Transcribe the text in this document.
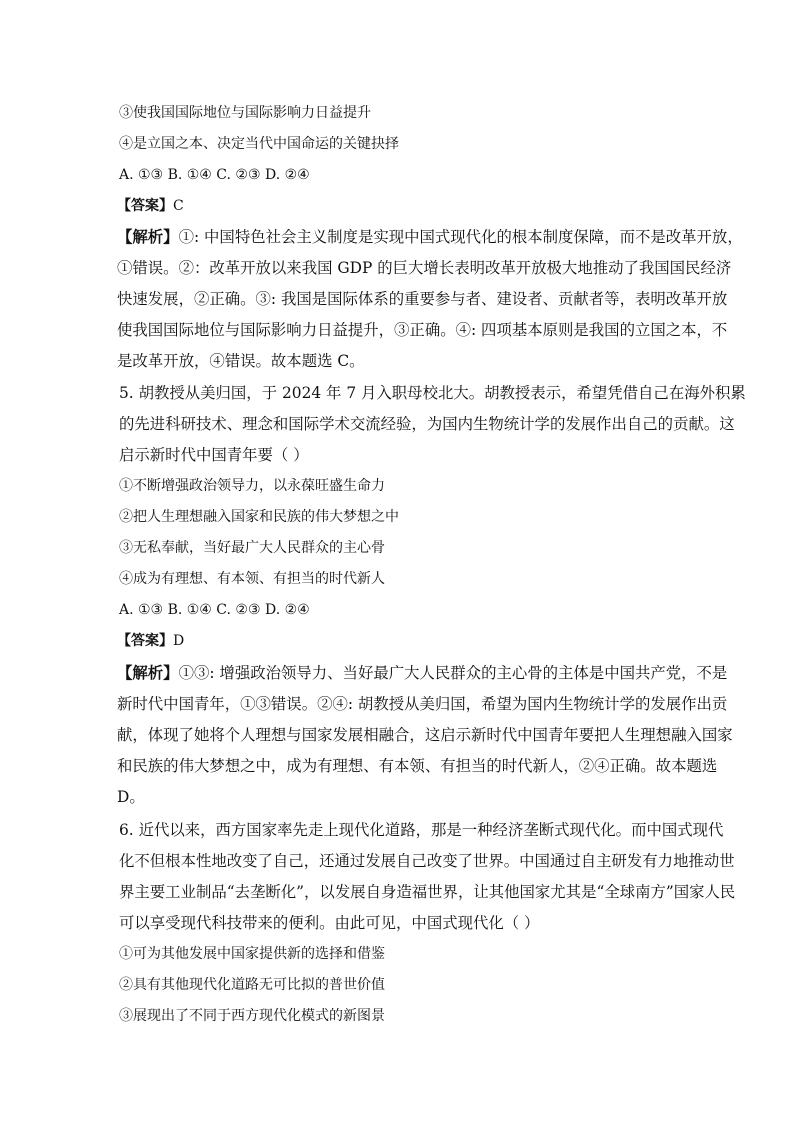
③使我国国际地位与国际影响力日益提升
④是立国之本、决定当代中国命运的关键抉择
A. ①③ B. ①④ C. ②③ D. ②④
【答案】C
【解析】①: 中国特色社会主义制度是实现中国式现代化的根本制度保障，而不是改革开放，
①错误。②：改革开放以来我国 GDP 的巨大增长表明改革开放极大地推动了我国国民经济
快速发展，②正确。③: 我国是国际体系的重要参与者、建设者、贡献者等，表明改革开放
使我国国际地位与国际影响力日益提升，③正确。④: 四项基本原则是我国的立国之本，不
是改革开放，④错误。故本题选 C。
5. 胡教授从美归国，于 2024 年 7 月入职母校北大。胡教授表示，希望凭借自己在海外积累
的先进科研技术、理念和国际学术交流经验，为国内生物统计学的发展作出自己的贡献。这
启示新时代中国青年要（ ）
①不断增强政治领导力，以永葆旺盛生命力
②把人生理想融入国家和民族的伟大梦想之中
③无私奉献，当好最广大人民群众的主心骨
④成为有理想、有本领、有担当的时代新人
A. ①③ B. ①④ C. ②③ D. ②④
【答案】D
【解析】①③: 增强政治领导力、当好最广大人民群众的主心骨的主体是中国共产党，不是
新时代中国青年，①③错误。②④: 胡教授从美归国，希望为国内生物统计学的发展作出贡
献，体现了她将个人理想与国家发展相融合，这启示新时代中国青年要把人生理想融入国家
和民族的伟大梦想之中，成为有理想、有本领、有担当的时代新人，②④正确。故本题选
D。
6. 近代以来，西方国家率先走上现代化道路，那是一种经济垄断式现代化。而中国式现代
化不但根本性地改变了自己，还通过发展自己改变了世界。中国通过自主研发有力地推动世
界主要工业制品“去垄断化”，以发展自身造福世界，让其他国家尤其是“全球南方”国家人民
可以享受现代科技带来的便利。由此可见，中国式现代化（ ）
①可为其他发展中国家提供新的选择和借鉴
②具有其他现代化道路无可比拟的普世价值
③展现出了不同于西方现代化模式的新图景
